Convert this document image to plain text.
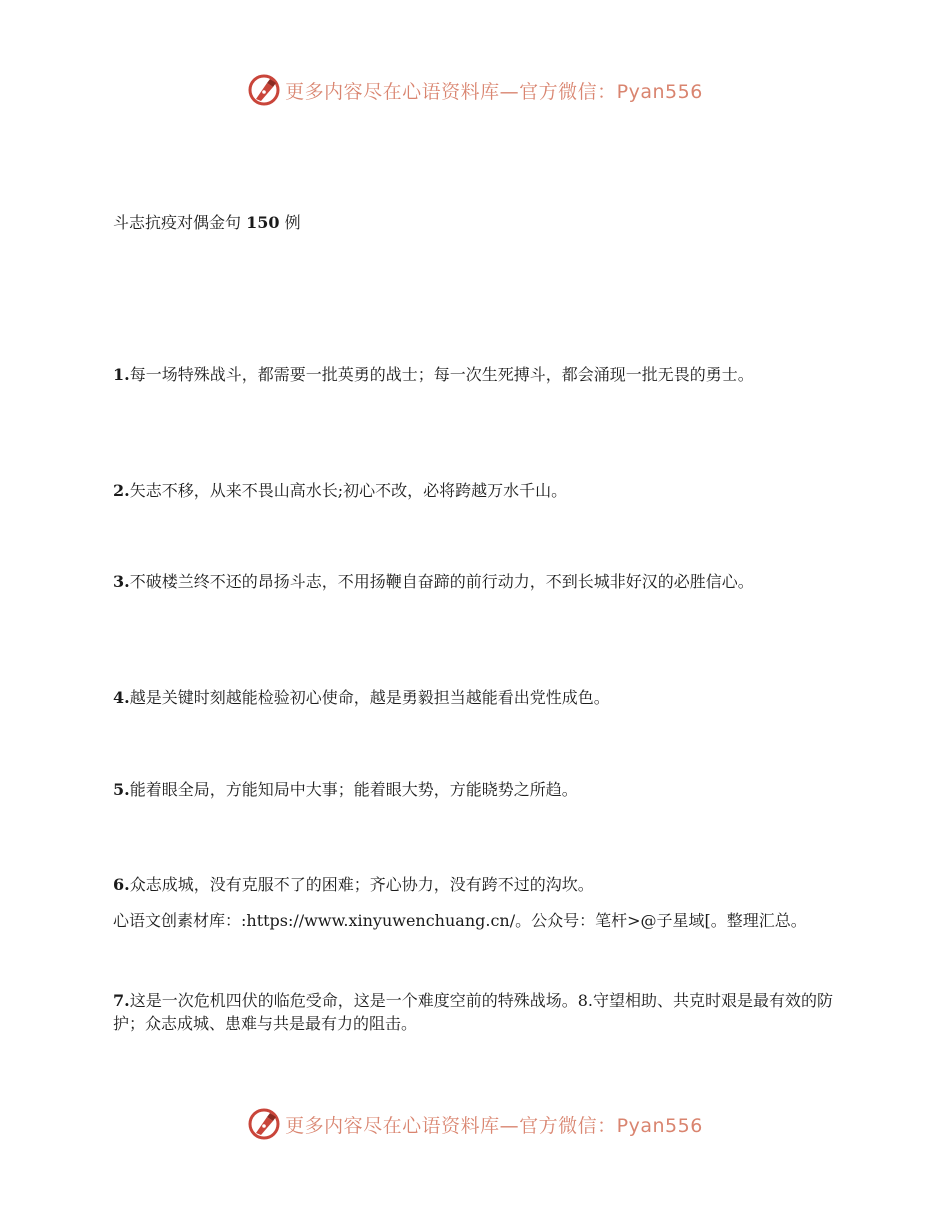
更多内容尽在心语资料库—官方微信：Pyan556
斗志抗疫对偶金句 150 例

1.每一场特殊战斗，都需要一批英勇的战士；每一次生死搏斗，都会涌现一批无畏的勇士。

2.矢志不移，从来不畏山高水长;初心不改，必将跨越万水千山。

3.不破楼兰终不还的昂扬斗志，不用扬鞭自奋蹄的前行动力，不到长城非好汉的必胜信心。

4.越是关键时刻越能检验初心使命，越是勇毅担当越能看出党性成色。

5.能着眼全局，方能知局中大事；能着眼大势，方能晓势之所趋。

6.众志成城，没有克服不了的困难；齐心协力，没有跨不过的沟坎。

心语文创素材库：:https://www.xinyuwenchuang.cn/。公众号：笔杆>@子星域[。整理汇总。

7.这是一次危机四伏的临危受命，这是一个难度空前的特殊战场。8.守望相助、共克时艰是最有效的防护；众志成城、患难与共是最有力的阻击。

更多内容尽在心语资料库—官方微信：Pyan556
